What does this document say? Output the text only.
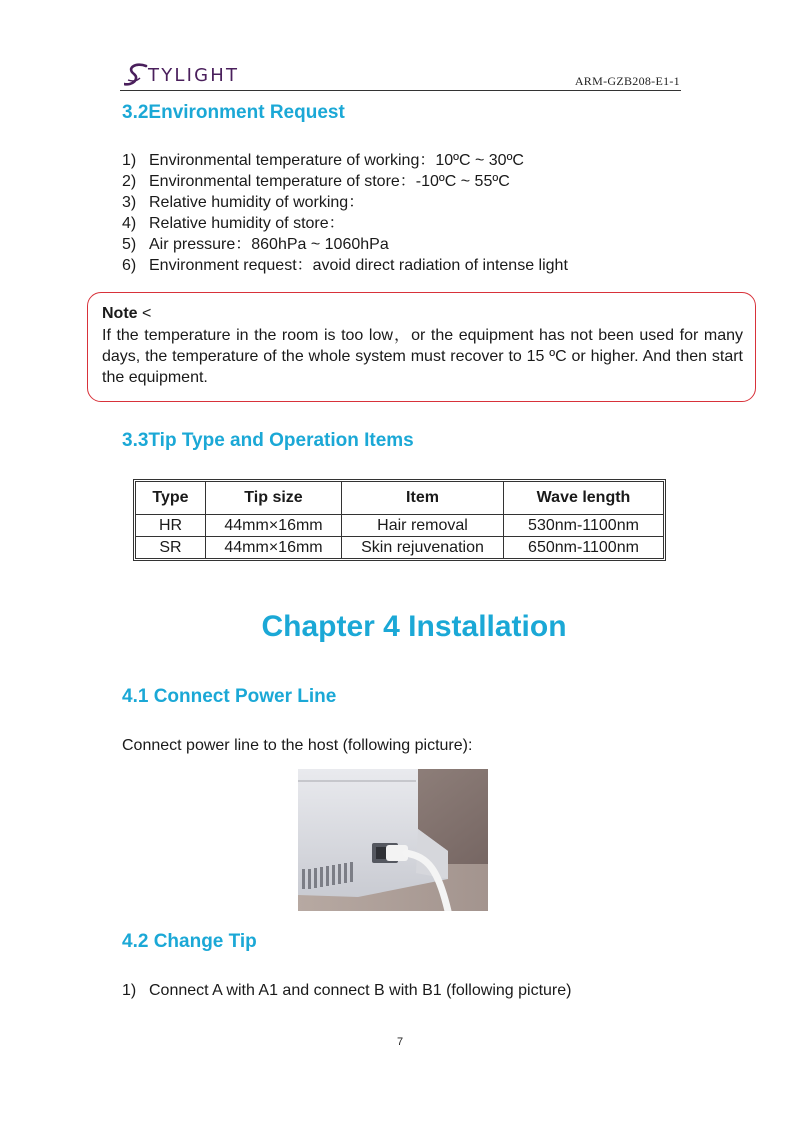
TYLIGHT	ARM-GZB208-E1-1
3.2Environment Request
1) Environmental temperature of working：10ºC ~ 30ºC
2) Environmental temperature of store：-10ºC ~ 55ºC
3) Relative humidity of working：
4) Relative humidity of store：
5) Air pressure：860hPa ~ 1060hPa
6) Environment request：avoid direct radiation of intense light
Note <
If the temperature in the room is too low，or the equipment has not been used for many days, the temperature of the whole system must recover to 15 ºC or higher. And then start the equipment.
3.3Tip Type and Operation Items
Type	Tip size	Item	Wave length
HR	44mm×16mm	Hair removal	530nm-1100nm
SR	44mm×16mm	Skin rejuvenation	650nm-1100nm
Chapter 4 Installation
4.1 Connect Power Line
Connect power line to the host (following picture):
4.2 Change Tip
1) Connect A with A1 and connect B with B1 (following picture)
7
